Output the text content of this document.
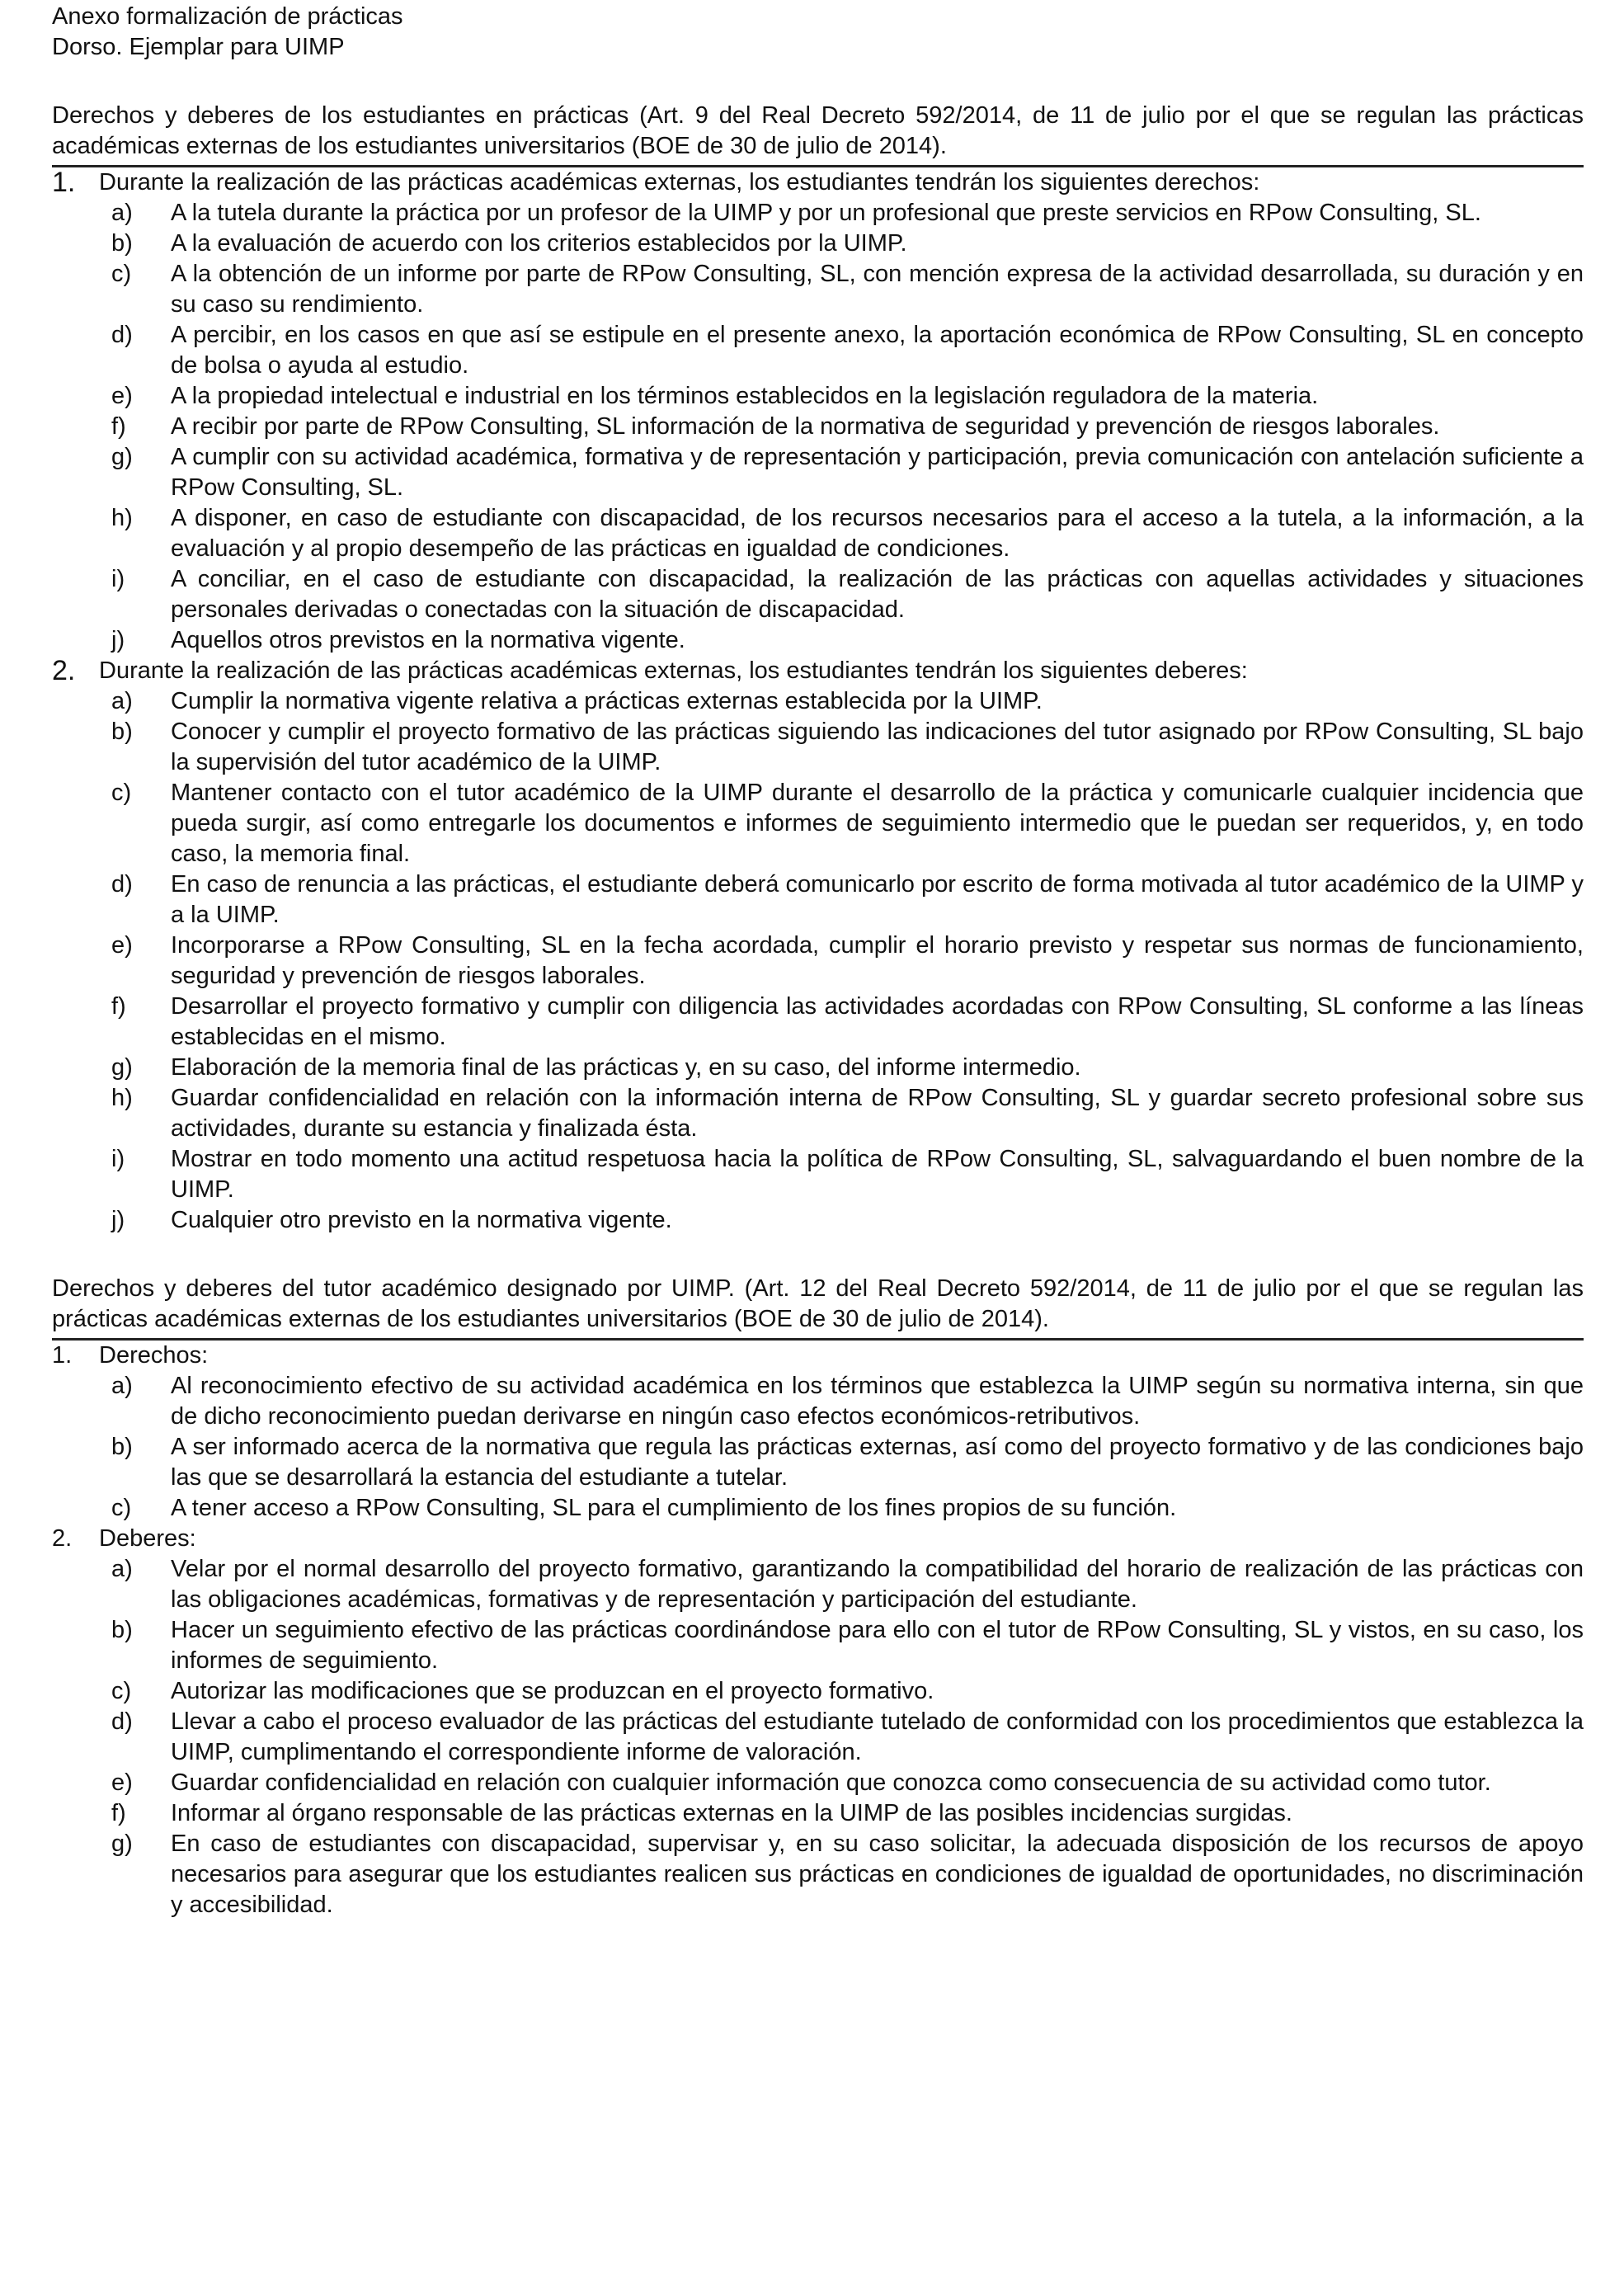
Anexo formalización de prácticas
Dorso. Ejemplar para UIMP
Derechos y deberes de los estudiantes en prácticas (Art. 9 del Real Decreto 592/2014, de 11 de julio por el que se regulan las prácticas académicas externas de los estudiantes universitarios (BOE de 30 de julio de 2014).
1. Durante la realización de las prácticas académicas externas, los estudiantes tendrán los siguientes derechos:
a)	A la tutela durante la práctica por un profesor de la UIMP y por un profesional que preste servicios en RPow Consulting, SL.
b)	A la evaluación de acuerdo con los criterios establecidos por la UIMP.
c)	A la obtención de un informe por parte de RPow Consulting, SL, con mención expresa de la actividad desarrollada, su duración y en su caso su rendimiento.
d)	A percibir, en los casos en que así se estipule en el presente anexo, la aportación económica de RPow Consulting, SL en concepto de bolsa o ayuda al estudio.
e)	A la propiedad intelectual e industrial en los términos establecidos en la legislación reguladora de la materia.
f)	A recibir por parte de RPow Consulting, SL información de la normativa de seguridad y prevención de riesgos laborales.
g)	A cumplir con su actividad académica, formativa y de representación y participación, previa comunicación con antelación suficiente a RPow Consulting, SL.
h)	A disponer, en caso de estudiante con discapacidad, de los recursos necesarios para el acceso a la tutela, a la información, a la evaluación y al propio desempeño de las prácticas en igualdad de condiciones.
i)	A conciliar, en el caso de estudiante con discapacidad, la realización de las prácticas con aquellas actividades y situaciones personales derivadas o conectadas con la situación de discapacidad.
j)	Aquellos otros previstos en la normativa vigente.
2. Durante la realización de las prácticas académicas externas, los estudiantes tendrán los siguientes deberes:
a)	Cumplir la normativa vigente relativa a prácticas externas establecida por la UIMP.
b)	Conocer y cumplir el proyecto formativo de las prácticas siguiendo las indicaciones del tutor asignado por RPow Consulting, SL bajo la supervisión del tutor académico de la UIMP.
c)	Mantener contacto con el tutor académico de la UIMP durante el desarrollo de la práctica y comunicarle cualquier incidencia que pueda surgir, así como entregarle los documentos e informes de seguimiento intermedio que le puedan ser requeridos, y, en todo caso, la memoria final.
d)	En caso de renuncia a las prácticas, el estudiante deberá comunicarlo por escrito de forma motivada al tutor académico de la UIMP y a la UIMP.
e)	Incorporarse a RPow Consulting, SL en la fecha acordada, cumplir el horario previsto y respetar sus normas de funcionamiento, seguridad y prevención de riesgos laborales.
f)	Desarrollar el proyecto formativo y cumplir con diligencia las actividades acordadas con RPow Consulting, SL conforme a las líneas establecidas en el mismo.
g)	Elaboración de la memoria final de las prácticas y, en su caso, del informe intermedio.
h)	Guardar confidencialidad en relación con la información interna de RPow Consulting, SL y guardar secreto profesional sobre sus actividades, durante su estancia y finalizada ésta.
i)	Mostrar en todo momento una actitud respetuosa hacia la política de RPow Consulting, SL, salvaguardando el buen nombre de la UIMP.
j)	Cualquier otro previsto en la normativa vigente.
Derechos y deberes del tutor académico designado por UIMP. (Art. 12 del Real Decreto 592/2014, de 11 de julio por el que se regulan las prácticas académicas externas de los estudiantes universitarios (BOE de 30 de julio de 2014).
1.	Derechos:
a)	Al reconocimiento efectivo de su actividad académica en los términos que establezca la UIMP según su normativa interna, sin que de dicho reconocimiento puedan derivarse en ningún caso efectos económicos-retributivos.
b)	A ser informado acerca de la normativa que regula las prácticas externas, así como del proyecto formativo y de las condiciones bajo las que se desarrollará la estancia del estudiante a tutelar.
c)	A tener acceso a RPow Consulting, SL para el cumplimiento de los fines propios de su función.
2.	Deberes:
a)	Velar por el normal desarrollo del proyecto formativo, garantizando la compatibilidad del horario de realización de las prácticas con las obligaciones académicas, formativas y de representación y participación del estudiante.
b)	Hacer un seguimiento efectivo de las prácticas coordinándose para ello con el tutor de RPow Consulting, SL y vistos, en su caso, los informes de seguimiento.
c)	Autorizar las modificaciones que se produzcan en el proyecto formativo.
d)	Llevar a cabo el proceso evaluador de las prácticas del estudiante tutelado de conformidad con los procedimientos que establezca la UIMP, cumplimentando el correspondiente informe de valoración.
e)	Guardar confidencialidad en relación con cualquier información que conozca como consecuencia de su actividad como tutor.
f)	Informar al órgano responsable de las prácticas externas en la UIMP de las posibles incidencias surgidas.
g)	En caso de estudiantes con discapacidad, supervisar y, en su caso solicitar, la adecuada disposición de los recursos de apoyo necesarios para asegurar que los estudiantes realicen sus prácticas en condiciones de igualdad de oportunidades, no discriminación y accesibilidad.
